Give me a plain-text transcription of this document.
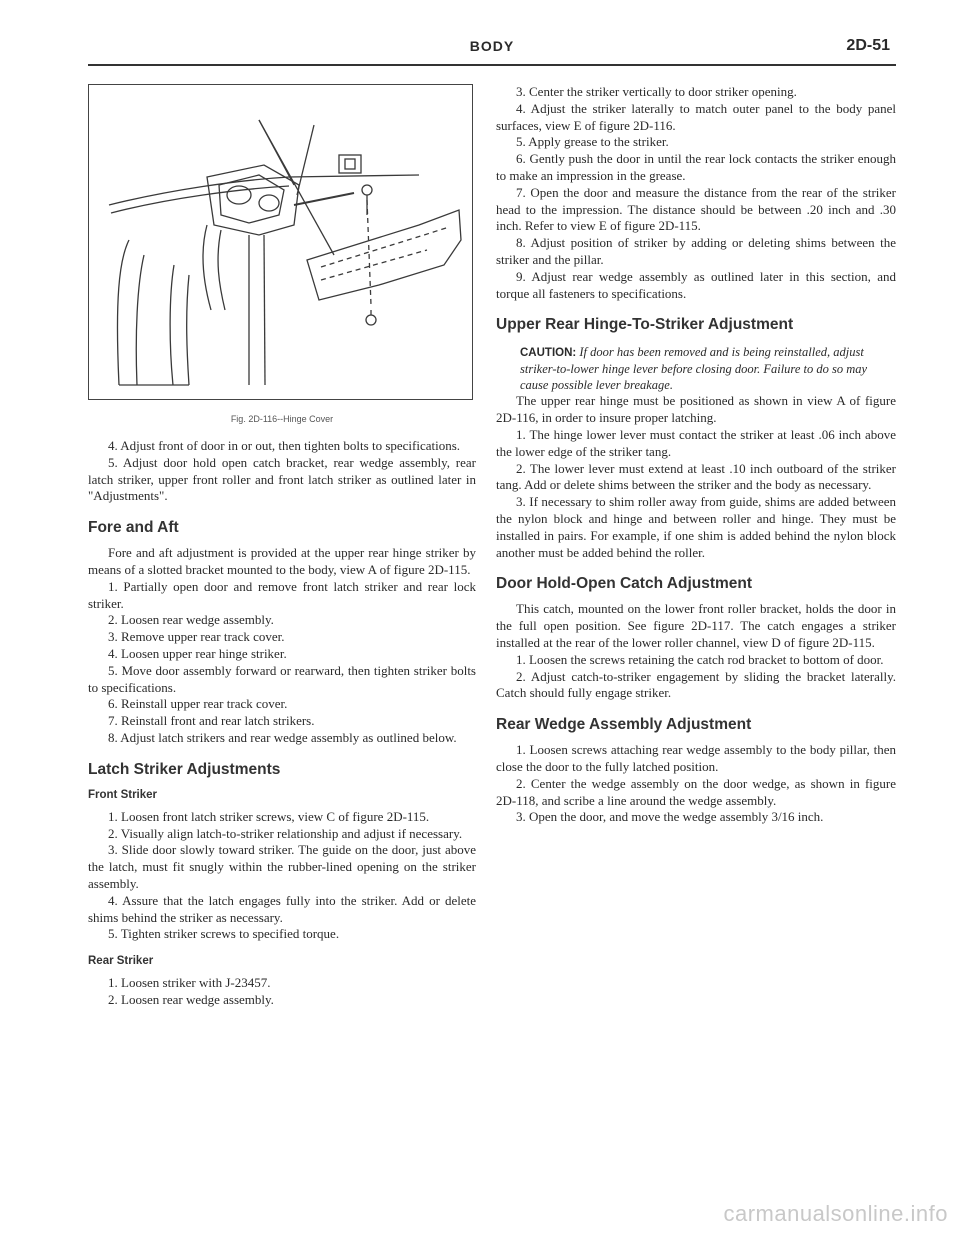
BODY	2D-51
Fig. 2D-116--Hinge Cover

4. Adjust front of door in or out, then tighten bolts to specifications.

5. Adjust door hold open catch bracket, rear wedge assembly, rear latch striker, upper front roller and front latch striker as outlined later in "Adjustments".

Fore and Aft

Fore and aft adjustment is provided at the upper rear hinge striker by means of a slotted bracket mounted to the body, view A of figure 2D-115.

1. Partially open door and remove front latch striker and rear lock striker.

2. Loosen rear wedge assembly.

3. Remove upper rear track cover.

4. Loosen upper rear hinge striker.

5. Move door assembly forward or rearward, then tighten striker bolts to specifications.

6. Reinstall upper rear track cover.

7. Reinstall front and rear latch strikers.

8. Adjust latch strikers and rear wedge assembly as outlined below.

Latch Striker Adjustments
Front Striker

1. Loosen front latch striker screws, view C of figure 2D-115.

2. Visually align latch-to-striker relationship and adjust if necessary.

3. Slide door slowly toward striker. The guide on the door, just above the latch, must fit snugly within the rubber-lined opening on the striker assembly.

4. Assure that the latch engages fully into the striker. Add or delete shims behind the striker as necessary.

5. Tighten striker screws to specified torque.

Rear Striker

1. Loosen striker with J-23457.

2. Loosen rear wedge assembly.

3. Center the striker vertically to door striker opening.

4. Adjust the striker laterally to match outer panel to the body panel surfaces, view E of figure 2D-116.

5. Apply grease to the striker.

6. Gently push the door in until the rear lock contacts the striker enough to make an impression in the grease.

7. Open the door and measure the distance from the rear of the striker head to the impression. The distance should be between .20 inch and .30 inch. Refer to view E of figure 2D-115.

8. Adjust position of striker by adding or deleting shims between the striker and the pillar.

9. Adjust rear wedge assembly as outlined later in this section, and torque all fasteners to specifications.

Upper Rear Hinge-To-Striker Adjustment

CAUTION: If door has been removed and is being reinstalled, adjust striker-to-lower hinge lever before closing door. Failure to do so may cause possible lever breakage.

The upper rear hinge must be positioned as shown in view A of figure 2D-116, in order to insure proper latching.

1. The hinge lower lever must contact the striker at least .06 inch above the lower edge of the striker tang.

2. The lower lever must extend at least .10 inch outboard of the striker tang. Add or delete shims between the striker and the body as necessary.

3. If necessary to shim roller away from guide, shims are added between the nylon block and hinge and between roller and hinge. They must be installed in pairs. For example, if one shim is added behind the nylon block another must be added behind the roller.

Door Hold-Open Catch Adjustment

This catch, mounted on the lower front roller bracket, holds the door in the full open position. See figure 2D-117. The catch engages a striker installed at the rear of the lower roller channel, view D of figure 2D-115.

1. Loosen the screws retaining the catch rod bracket to bottom of door.

2. Adjust catch-to-striker engagement by sliding the bracket laterally. Catch should fully engage striker.

Rear Wedge Assembly Adjustment

1. Loosen screws attaching rear wedge assembly to the body pillar, then close the door to the fully latched position.

2. Center the wedge assembly on the door wedge, as shown in figure 2D-118, and scribe a line around the wedge assembly.

3. Open the door, and move the wedge assembly 3/16 inch.

carmanualsonline.info
